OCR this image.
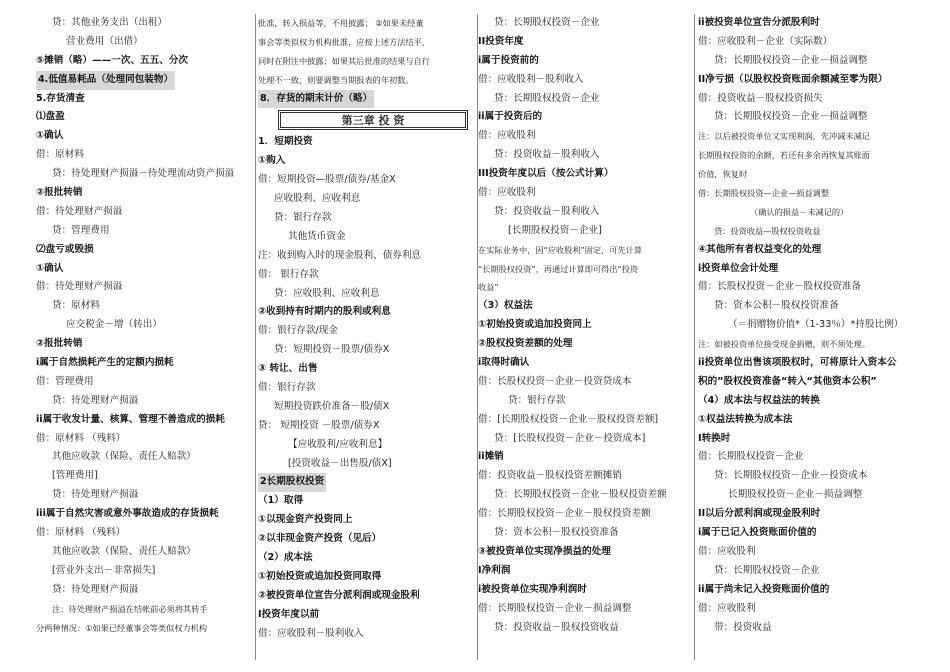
贷：其他业务支出（出租）
营业费用（出借）
⑤摊销（略）——一次、五五、分次
4.低值易耗品（处理同包装物）
5.存货清查
⑴盘盈
①确认
借：原材料
贷：待处理财产损溢－待处理流动资产损溢
②报批转销
借：待处理财产损溢
贷：管理费用
⑵盘亏或毁损
①确认
借：待处理财产损溢
贷：原材料
应交税金－增（转出）
②报批转销
i属于自然损耗产生的定额内损耗
借：管理费用
贷：待处理财产损溢
ii属于收发计量、核算、管理不善造成的损耗
借：原材料 （残料）
其他应收款（保险、责任人赔款）
[管理费用]
贷：待处理财产损溢
iii属于自然灾害或意外事故造成的存货损耗
借：原材料 （残料）
其他应收款（保险、责任人赔款）
[营业外支出－非常损失]
贷：待处理财产损溢
注：待处理财产损溢在结帐前必须将其转手
分两种情况：①如果已经董事会等类似权力机构
批准，转入损益等，不用披露； ②如果未经董
事会等类似权力机构批准，应按上述方法结平，
同时在附注中披露；如果其后批准的结果与自行
处理不一致，则要调整当期报表的年初数。
8．存货的期末计价（略）
第三章 投 资
1．短期投资
①购入
借：短期投资—股票/债券/基金Ⅹ
应收股利、应收利息
贷：银行存款
其他货币资金
注：收到购入时的现金股利、债券利息
借： 银行存款
贷：应收股利、应收利息
②收到持有时期内的股利或利息
借：银行存款/现金
贷：短期投资－股票/债券Ⅹ
③ 转让、出售
借：银行存款
短期投资跌价准备－股/债Ⅹ
贷： 短期投资 －股票/债券Ⅹ
【应收股利/应收利息】
[投资收益－出售股/债Ⅹ]
2长期股权投资
（1）取得
①以现金资产投资同上
②以非现金资产投资（见后）
（2）成本法
①初始投资或追加投资同取得
②被投资单位宣告分派利润或现金股利
I投资年度以前
借：应收股利－股利收入
贷：长期股权投资－企业
II投资年度
i属于投资前的
借：应收股利－股利收入
贷：长期股权投资－企业
ii属于投资后的
借：应收股利
贷：投资收益－股利收入
III投资年度以后（按公式计算）
借：应收股利
贷：投资收益－股利收入
[长期股权投资－企业]
在实际业务中，因“应收股利”固定，可先计算
“长期股权投资”，再通过计算即可得出“投资
收益”
（3）权益法
①初始投资或追加投资同上
②股权投资差额的处理
i取得时确认
借：长股权投资－企业－投资贷成本
贷：银行存款
借：[长期股权投资－企业－股权投资差额]
贷：[长股权投资－企业－投资成本]
ii摊销
借：投资收益－股权投资差额摊销
贷：长期股权投资－企业－股权投资差额
借：长期股权投资－企业－股权投资差额
贷：资本公积－股权投资准备
③被投资单位实现净损益的处理
I净利润
i被投资单位实现净利润时
借：长期股权投资－企业－损益调整
贷：投资收益－股权投资收益
ii被投资单位宣告分派股利时
借：应收股利－企业（实际数）
贷：长期股权投资－企业－损益调整
II净亏损（以股权投资账面余额减至零为限）
借：投资收益－股权投资损失
贷：长期股权投资－企业－损益调整
注：以后被投资单位又实现利润，先冲减未减记
长期股权投资的余额，若还有多余再恢复其账面
价值，恢复时
借：长期股权投资—企业—损益调整
（确认的损益－未减记的）
贷：投资收益—股权投资收益
④其他所有者权益变化的处理
i投资单位会计处理
借：长股权投资－企业－股权投资准备
贷：资本公积－股权投资准备
（＝捐赠物价值*（1-33％）*持股比例）
注：如被投资单位接受现金捐赠，则不须处理。
ii投资单位出售该项股权时，可将原计入资本公
积的”股权投资准备“转入“其他资本公积”
（4）成本法与权益法的转换
①权益法转换为成本法
I转换时
借：长期股权投资－企业
贷：长期股权投资－企业－投资成本
长期股权投资－企业－损益调整
II以后分派利润或现金股利时
i属于已记入投资账面价值的
借：应收股利
贷：长期股权投资－企业
ii属于尚未记入投资账面价值的
借：应收股利
带：投资收益
